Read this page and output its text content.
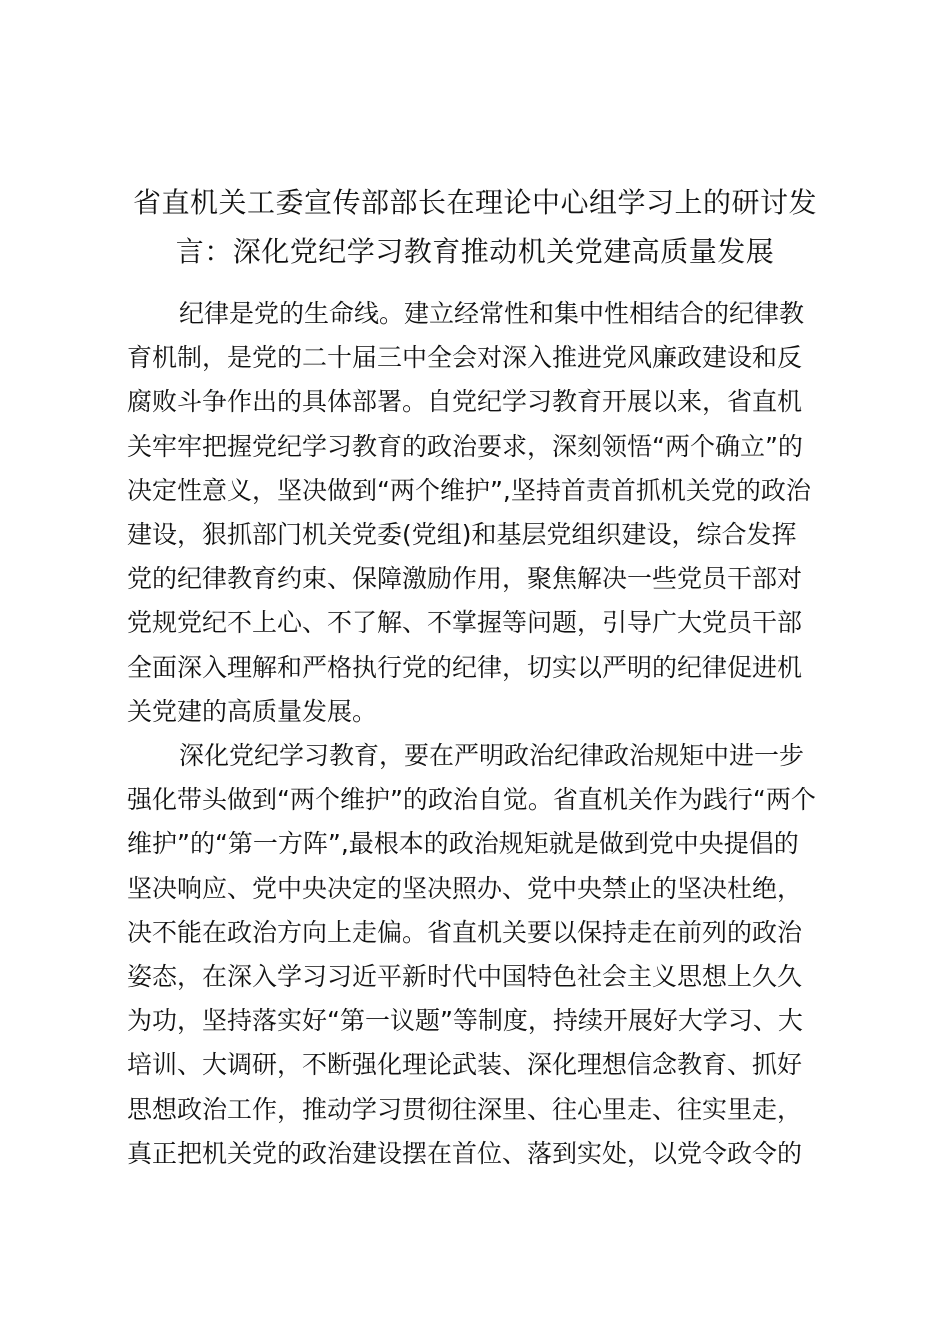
省直机关工委宣传部部长在理论中心组学习上的研讨发
言：深化党纪学习教育推动机关党建高质量发展

纪律是党的生命线。建立经常性和集中性相结合的纪律教
育机制，是党的二十届三中全会对深入推进党风廉政建设和反
腐败斗争作出的具体部署。自党纪学习教育开展以来，省直机
关牢牢把握党纪学习教育的政治要求，深刻领悟“两个确立”的
决定性意义，坚决做到“两个维护”,坚持首责首抓机关党的政治
建设，狠抓部门机关党委(党组)和基层党组织建设，综合发挥
党的纪律教育约束、保障激励作用，聚焦解决一些党员干部对
党规党纪不上心、不了解、不掌握等问题，引导广大党员干部
全面深入理解和严格执行党的纪律，切实以严明的纪律促进机
关党建的高质量发展。

深化党纪学习教育，要在严明政治纪律政治规矩中进一步
强化带头做到“两个维护”的政治自觉。省直机关作为践行“两个
维护”的“第一方阵”,最根本的政治规矩就是做到党中央提倡的
坚决响应、党中央决定的坚决照办、党中央禁止的坚决杜绝，
决不能在政治方向上走偏。省直机关要以保持走在前列的政治
姿态，在深入学习习近平新时代中国特色社会主义思想上久久
为功，坚持落实好“第一议题”等制度，持续开展好大学习、大
培训、大调研，不断强化理论武装、深化理想信念教育、抓好
思想政治工作，推动学习贯彻往深里、往心里走、往实里走，
真正把机关党的政治建设摆在首位、落到实处，以党令政令的
